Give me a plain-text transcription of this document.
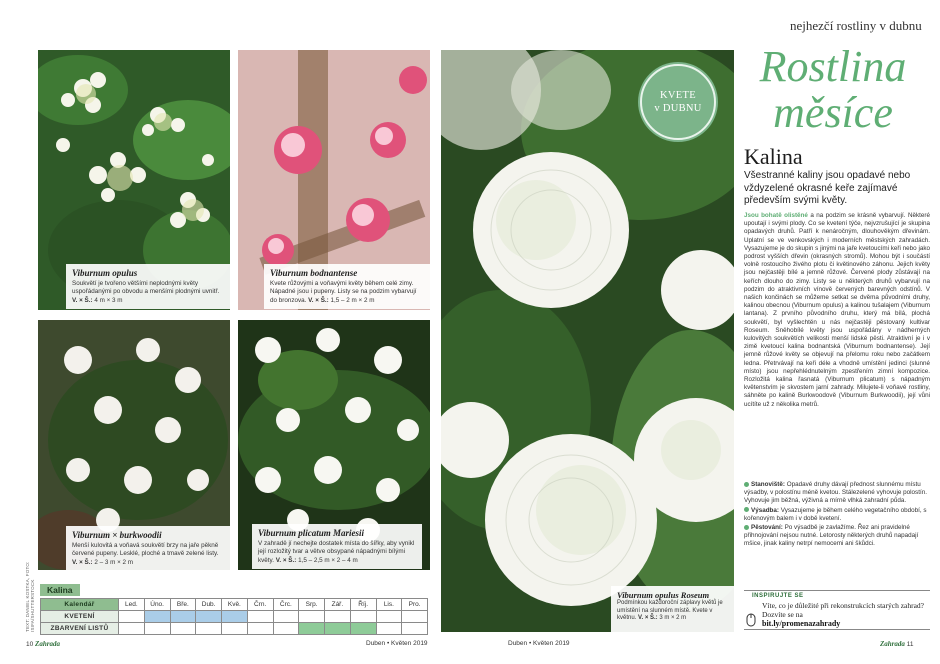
nejhezčí rostliny v dubnu
Viburnum opulus
Soukvětí je tvořeno většími neplodnými květy uspořádanými po obvodu a menšími plodnými uvnitř. V. × Š.: 4 m × 3 m
Viburnum bodnantense
Kvete růžovými a voňavými květy během celé zimy. Nápadné jsou i pupeny. Listy se na podzim vybarvují do bronzova. V. × Š.: 1,5 – 2 m × 2 m
Viburnum × burkwoodii
Menší kulovitá a voňavá soukvětí brzy na jaře pěkně červené pupeny. Lesklé, ploché a tmavě zelené listy. V. × Š.: 2 – 3 m × 2 m
Viburnum plicatum Mariesii
V zahradě jí nechejte dostatek místa do šířky, aby vynikl její rozložitý tvar a větve obsypané nápadnými bílými květy. V. × Š.: 1,5 – 2,5 m × 2 – 4 m
TEXT: DANIEL KOSTKA, FOTO: ISIFA/SHUTTERSTOCK	Kalina
Kalendář	Led.	Úno.	Bře.	Dub.	Kvě.	Črn.	Črc.	Srp.	Zář.	Říj.	Lis.	Pro.
KVETENÍ												
ZBARVENÍ LISTŮ												
10 Zahrada	Duben • Květen 2019	Duben • Květen 2019	Zahrada 11
KVETE
v DUBNU
Viburnum opulus Roseum
Podmínkou každoroční záplavy květů je umístění na slunném místě. Kvete v květnu. V. × Š.: 3 m × 2 m
Rostlina
měsíce
Kalina
Všestranné kaliny jsou opadavé nebo vždyzelené okrasné keře zajímavé především svými květy.
Jsou bohatě olistěné a na podzim se krásně vybarvují. Některé upoutají i svými plody. Co se kvetení týče, nejvzrušující je skupina opadavých druhů. Patří k nenáročným, dlouhověkým dřevinám. Uplatní se ve venkovských i moderních městských zahradách. Vysazujeme je do skupin s jinými na jaře kvetoucími keři nebo jako podrost vyšších dřevin (okrasných stromů). Mohou být i součástí volně rostoucího živého plotu či květinového záhonu. Jejich květy jsou nejčastěji bílé a jemně růžové. Červené plody zůstávají na keřích dlouho do zimy. Listy se u některých druhů vybarvují na podzim do atraktivních vínově červených barevných odstínů. V našich končinách se můžeme setkat se dvěma původními druhy, kalinou obecnou (Viburnum opulus) a kalinou tušalajem (Viburnum lantana). Z prvního původního druhu, který má bílá, plochá soukvětí, byl vyšlechtěn u nás nejčastěji pěstovaný kultivar Roseum. Sněhobílé květy jsou uspořádány v nádherných kulovitých soukvětích velikosti menší lidské pěsti. Atraktivní je i v zimě kvetoucí kalina bodnantská (Viburnum bodnantense). Její jemně růžové květy se objevují na přelomu roku nebo začátkem ledna. Přetrvávají na keři déle a vhodně umístění jedinci (slunné místo) jsou nepřehlédnutelným zpestřením zimní kompozice. Rozložitá kalina řasnatá (Viburnum plicatum) s nápadným květenstvím je skvostem jarní zahrady. Milujete-li voňavé rostliny, sáhněte po kalině Burkwoodově (Viburnum Burkwoodii), její vůni ucítíte už z několika metrů.

Stanoviště: Opadavé druhy dávají přednost slunnému místu výsadby, v polostínu méně kvetou. Stálezelené vyhovuje polostín. Vyhovuje jim běžná, výživná a mírně vlhká zahradní půda.

Výsadba: Vysazujeme je během celého vegetačního období, s kořenovým balem i v době kvetení.

Pěstování: Po výsadbě je zavlažíme. Řez ani pravidelné přihnojování nejsou nutné. Letorosty některých druhů napadají mšice, jinak kaliny netrpí nemocemi ani škůdci.

INSPIRUJTE SE
Víte, co je důležité při rekonstrukcích starých zahrad? Dozvíte se na
bit.ly/promenazahrady
